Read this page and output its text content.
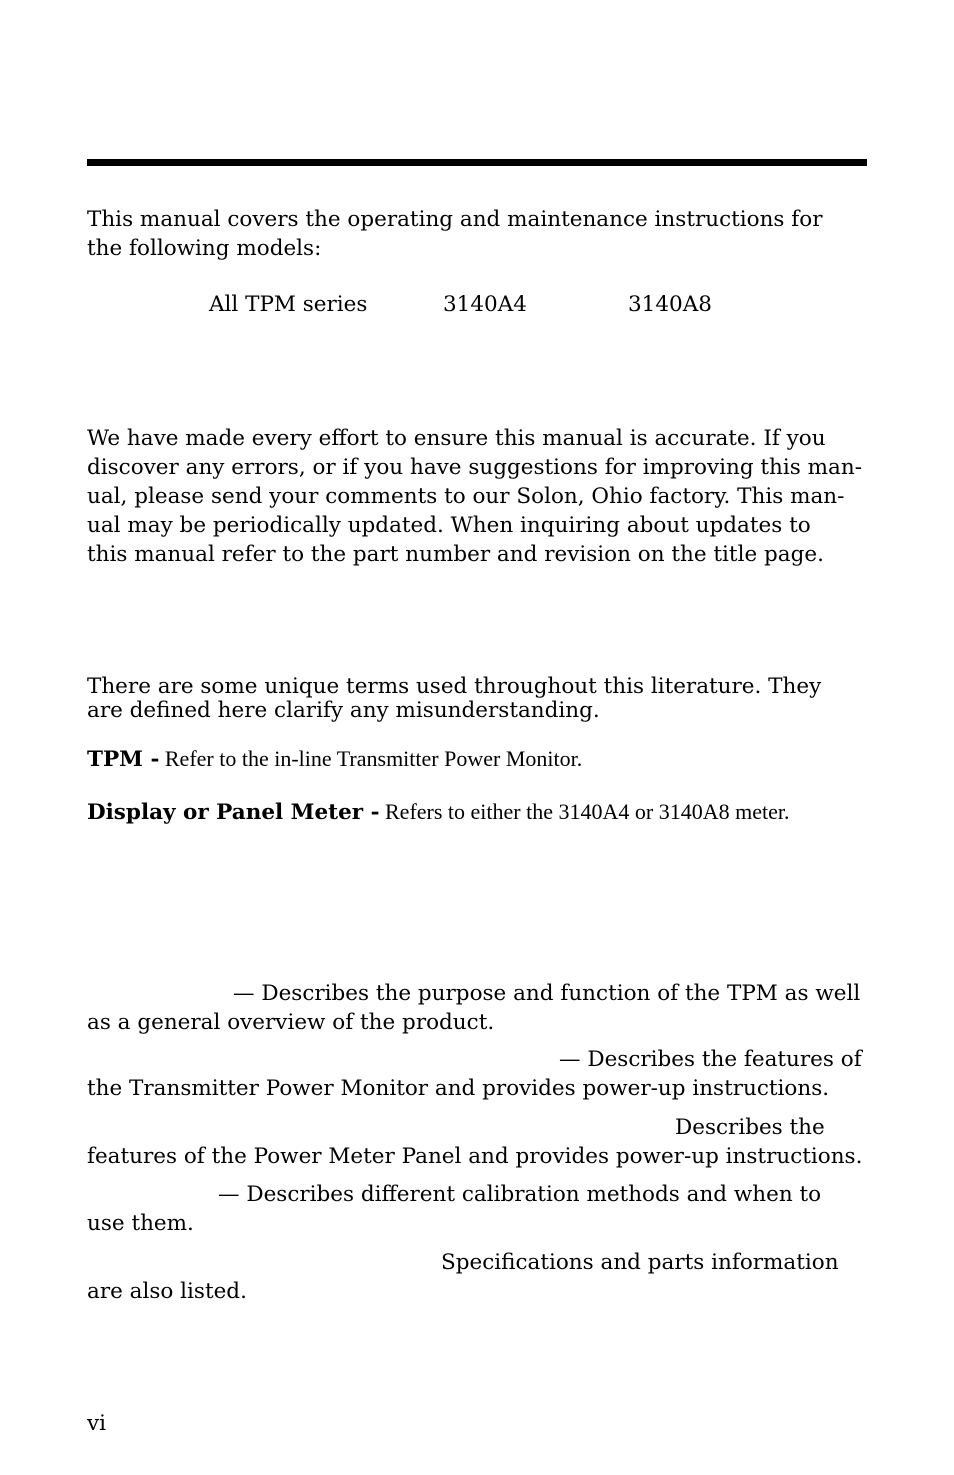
This manual covers the operating and maintenance instructions for
the following models:
All TPM series	3140A4	3140A8
We have made every effort to ensure this manual is accurate. If you
discover any errors, or if you have suggestions for improving this man-
ual, please send your comments to our Solon, Ohio factory. This man-
ual may be periodically updated. When inquiring about updates to
this manual refer to the part number and revision on the title page.
There are some unique terms used throughout this literature. They
are defined here clarify any misunderstanding.
TPM - Refer to the in-line Transmitter Power Monitor.
Display or Panel Meter - Refers to either the 3140A4 or 3140A8 meter.
— Describes the purpose and function of the TPM as well
as a general overview of the product.
— Describes the features of
the Transmitter Power Monitor and provides power-up instructions.
Describes the
features of the Power Meter Panel and provides power-up instructions.
— Describes different calibration methods and when to
use them.
Specifications and parts information
are also listed.
vi
